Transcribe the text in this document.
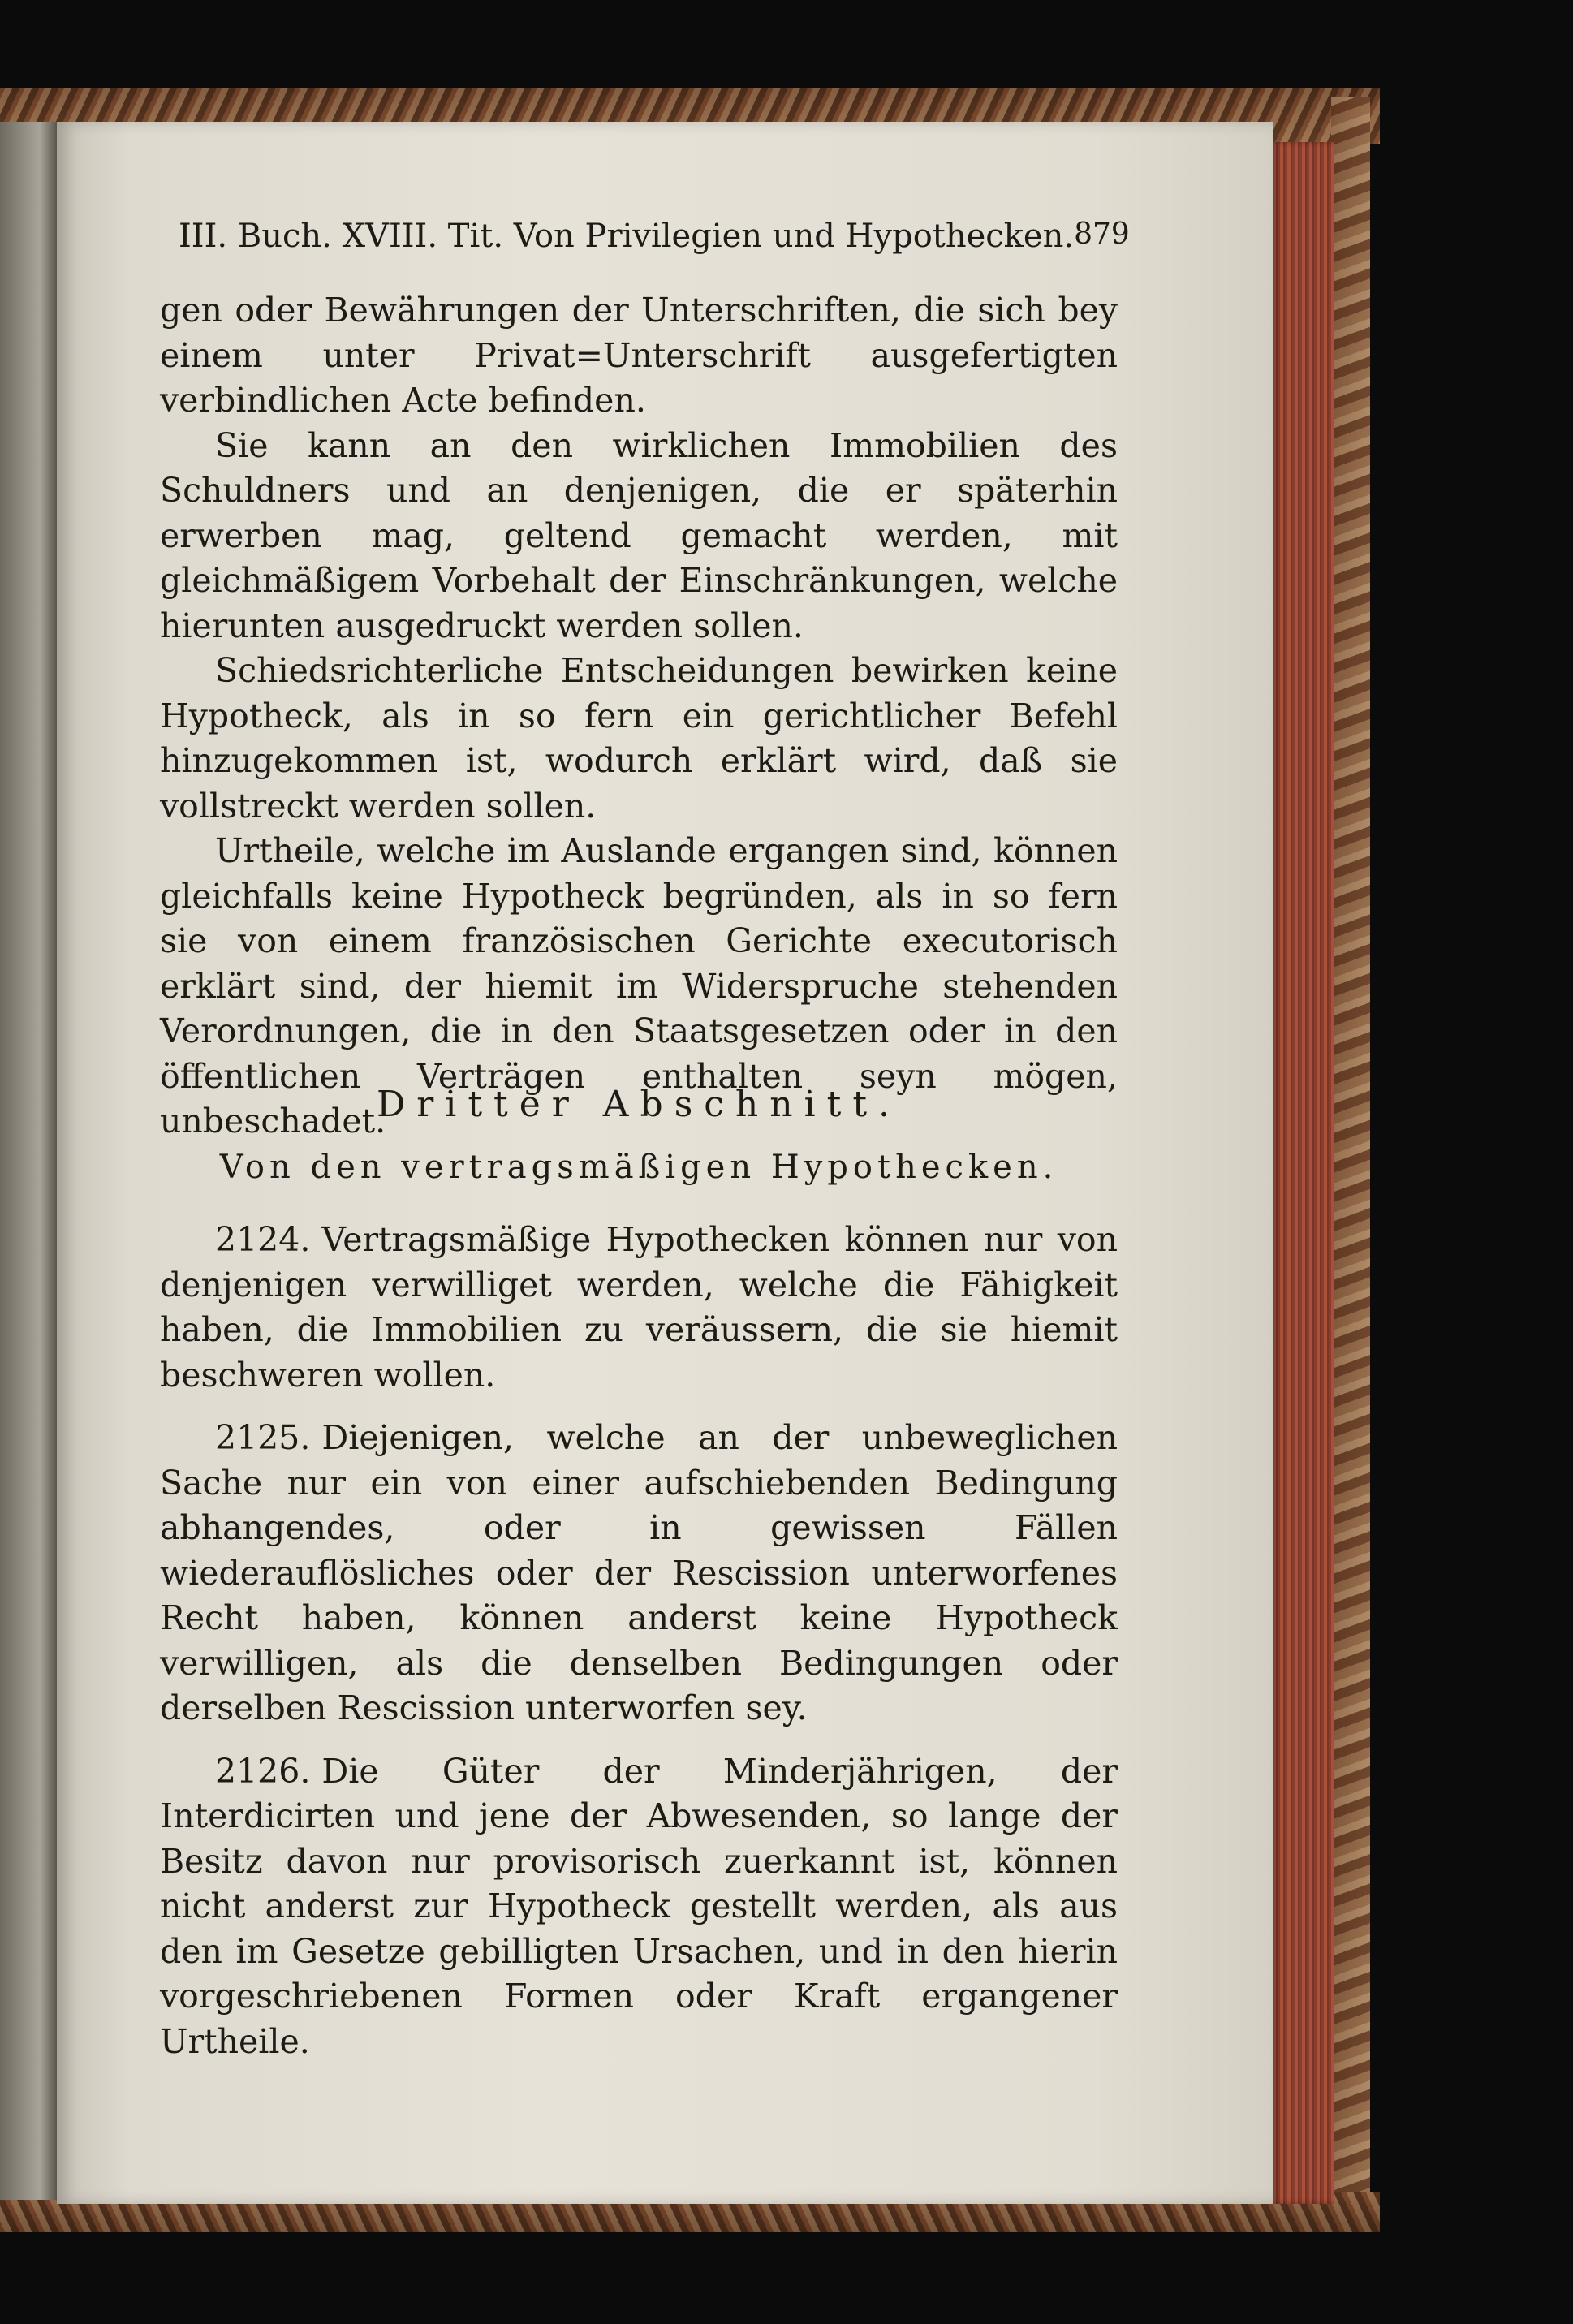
III. Buch. XVIII. Tit. Von Privilegien und Hypothecken. 879

gen oder Bewährungen der Unterschriften, die sich bey einem unter Privat=Unterschrift ausgefertigten verbindlichen Acte befinden.

Sie kann an den wirklichen Immobilien des Schuldners und an denjenigen, die er späterhin erwerben mag, geltend gemacht werden, mit gleichmäßigem Vorbehalt der Einschränkungen, welche hierunten ausgedruckt werden sollen.

Schiedsrichterliche Entscheidungen bewirken keine Hypotheck, als in so fern ein gerichtlicher Befehl hinzugekommen ist, wodurch erklärt wird, daß sie vollstreckt werden sollen.

Urtheile, welche im Auslande ergangen sind, können gleichfalls keine Hypotheck begründen, als in so fern sie von einem französischen Gerichte executorisch erklärt sind, der hiemit im Widerspruche stehenden Verordnungen, die in den Staatsgesetzen oder in den öffentlichen Verträgen enthalten seyn mögen, unbeschadet.

Dritter Abschnitt.
Von den vertragsmäßigen Hypothecken.

2124. Vertragsmäßige Hypothecken können nur von denjenigen verwilliget werden, welche die Fähigkeit haben, die Immobilien zu veräussern, die sie hiemit beschweren wollen.

2125. Diejenigen, welche an der unbeweglichen Sache nur ein von einer aufschiebenden Bedingung abhangendes, oder in gewissen Fällen wiederauflösliches oder der Rescission unterworfenes Recht haben, können anderst keine Hypotheck verwilligen, als die denselben Bedingungen oder derselben Rescission unterworfen sey.

2126. Die Güter der Minderjährigen, der Interdicirten und jene der Abwesenden, so lange der Besitz davon nur provisorisch zuerkannt ist, können nicht anderst zur Hypotheck gestellt werden, als aus den im Gesetze gebilligten Ursachen, und in den hierin vorgeschriebenen Formen oder Kraft ergangener Urtheile.
